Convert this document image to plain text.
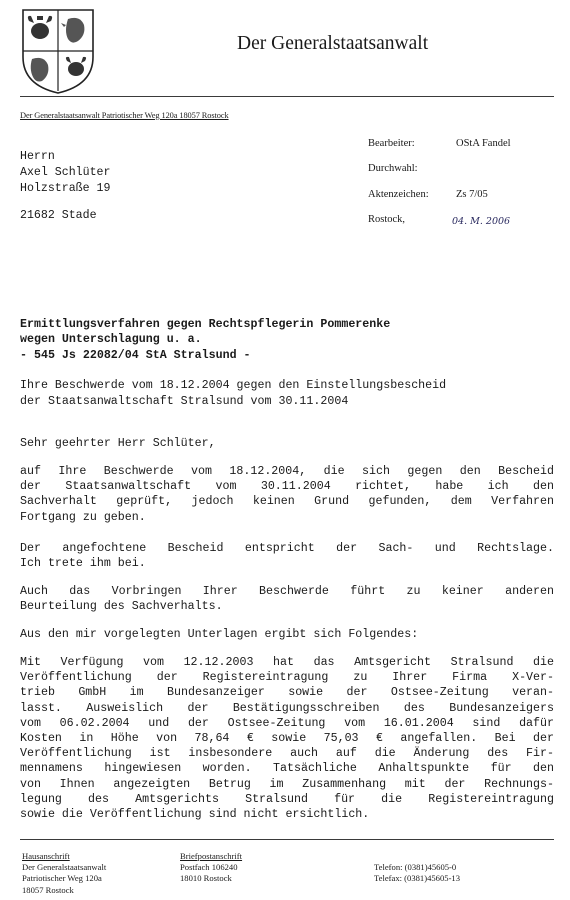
Der Generalstaatsanwalt
Der Generalstaatsanwalt Patriotischer Weg 120a 18057 Rostock
Bearbeiter:	OStA Fandel
Durchwahl:
Aktenzeichen:	Zs 7/05
Rostock,	04. M. 2006
Herrn
Axel Schlüter
Holzstraße 19
21682 Stade
Ermittlungsverfahren gegen Rechtspflegerin Pommerenke
wegen Unterschlagung u. a.
- 545 Js 22082/04 StA Stralsund -
Ihre Beschwerde vom 18.12.2004 gegen den Einstellungsbescheid
der Staatsanwaltschaft Stralsund vom 30.11.2004
Sehr geehrter Herr Schlüter,
auf Ihre Beschwerde vom 18.12.2004, die sich gegen den Bescheid
der Staatsanwaltschaft vom 30.11.2004 richtet, habe ich den
Sachverhalt geprüft, jedoch keinen Grund gefunden, dem Verfahren
Fortgang zu geben.
Der angefochtene Bescheid entspricht der Sach- und Rechtslage.
Ich trete ihm bei.
Auch das Vorbringen Ihrer Beschwerde führt zu keiner anderen
Beurteilung des Sachverhalts.
Aus den mir vorgelegten Unterlagen ergibt sich Folgendes:
Mit Verfügung vom 12.12.2003 hat das Amtsgericht Stralsund die
Veröffentlichung der Registereintragung zu Ihrer Firma X-Ver-
trieb GmbH im Bundesanzeiger sowie der Ostsee-Zeitung veran-
lasst. Ausweislich der Bestätigungsschreiben des Bundesanzeigers
vom 06.02.2004 und der Ostsee-Zeitung vom 16.01.2004 sind dafür
Kosten in Höhe von 78,64 € sowie 75,03 € angefallen. Bei der
Veröffentlichung ist insbesondere auch auf die Änderung des Fir-
mennamens hingewiesen worden. Tatsächliche Anhaltspunkte für den
von Ihnen angezeigten Betrug im Zusammenhang mit der Rechnungs-
legung des Amtsgerichts Stralsund für die Registereintragung
sowie die Veröffentlichung sind nicht ersichtlich.
Hausanschrift
Der Generalstaatsanwalt
Patriotischer Weg 120a
18057 Rostock
Briefpostanschrift
Postfach 106240
18010 Rostock
Telefon: (0381)45605-0
Telefax: (0381)45605-13
